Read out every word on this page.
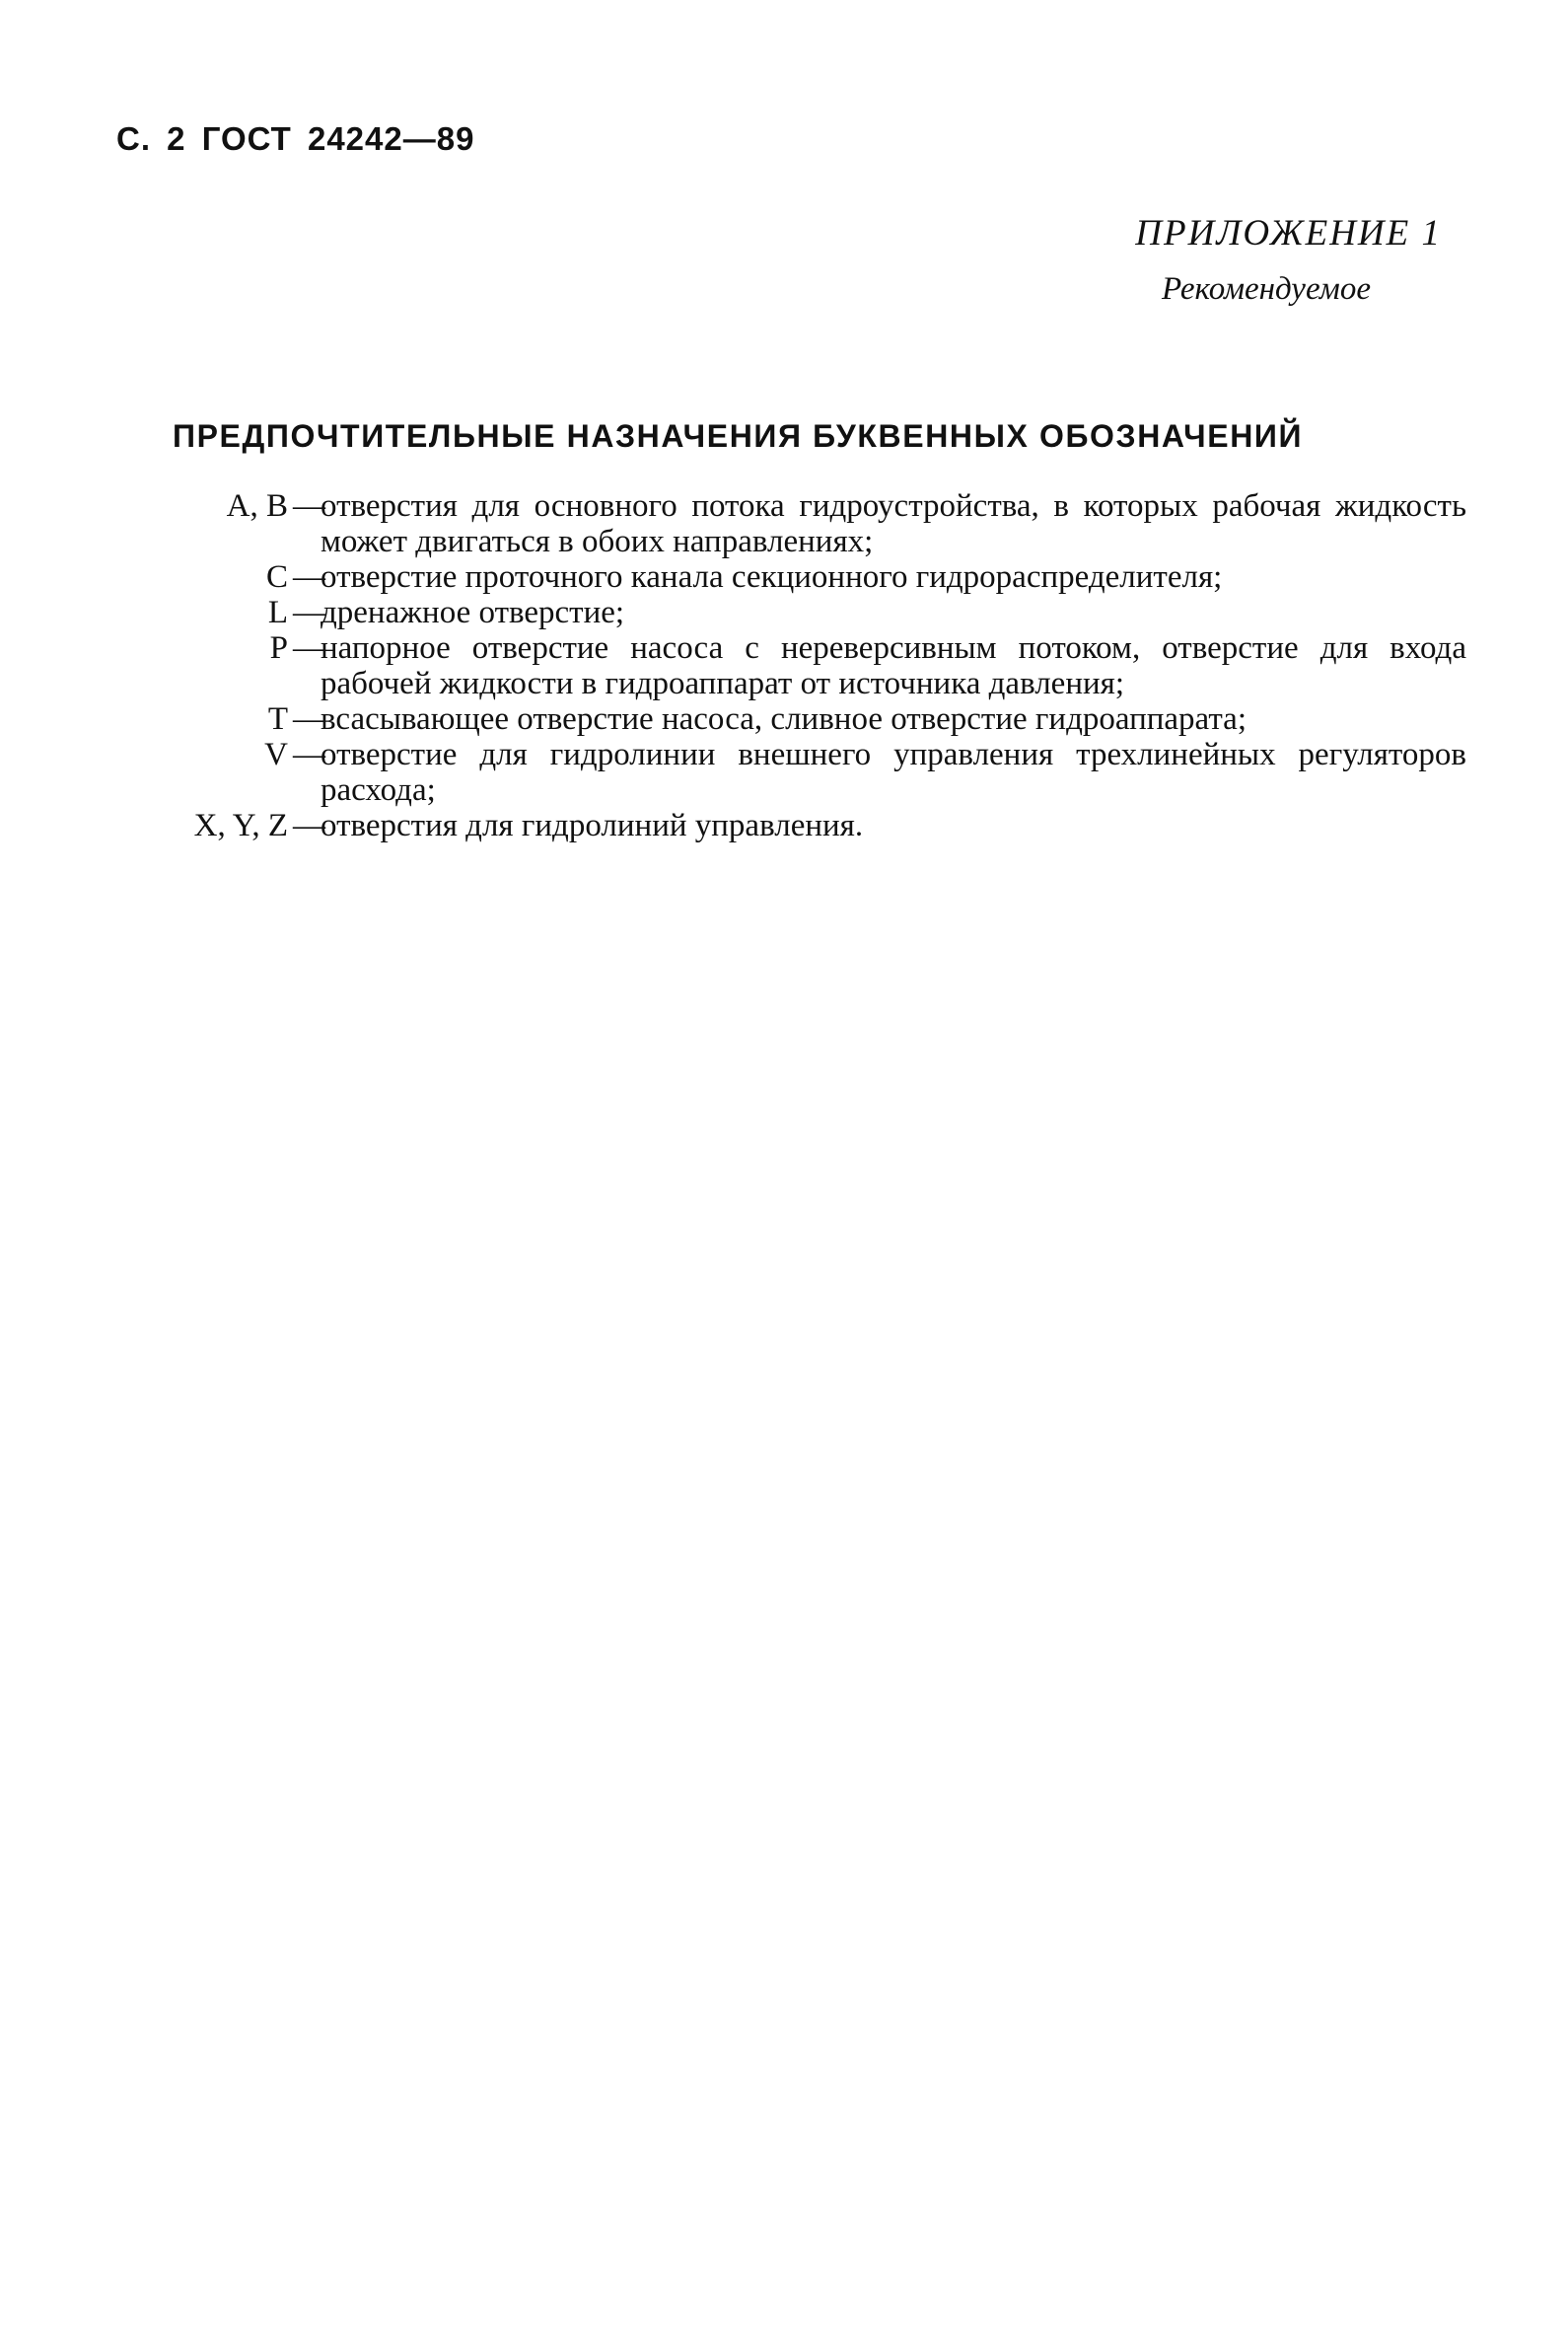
С. 2 ГОСТ 24242—89
ПРИЛОЖЕНИЕ 1
Рекомендуемое
ПРЕДПОЧТИТЕЛЬНЫЕ НАЗНАЧЕНИЯ БУКВЕННЫХ ОБОЗНАЧЕНИЙ
А, В —
отверстия для основного потока гидроустройства, в которых рабочая жидкость может двигаться в обоих направлениях;
С —
отверстие проточного канала секционного гидрораспределителя;
L —
дренажное отверстие;
Р —
напорное отверстие насоса с нереверсивным потоком, отверстие для входа рабочей жидкости в гидроаппарат от источника давления;
Т —
всасывающее отверстие насоса, сливное отверстие гидроаппарата;
V —
отверстие для гидролинии внешнего управления трехлинейных регуляторов расхода;
X, Y, Z —
отверстия для гидролиний управления.
